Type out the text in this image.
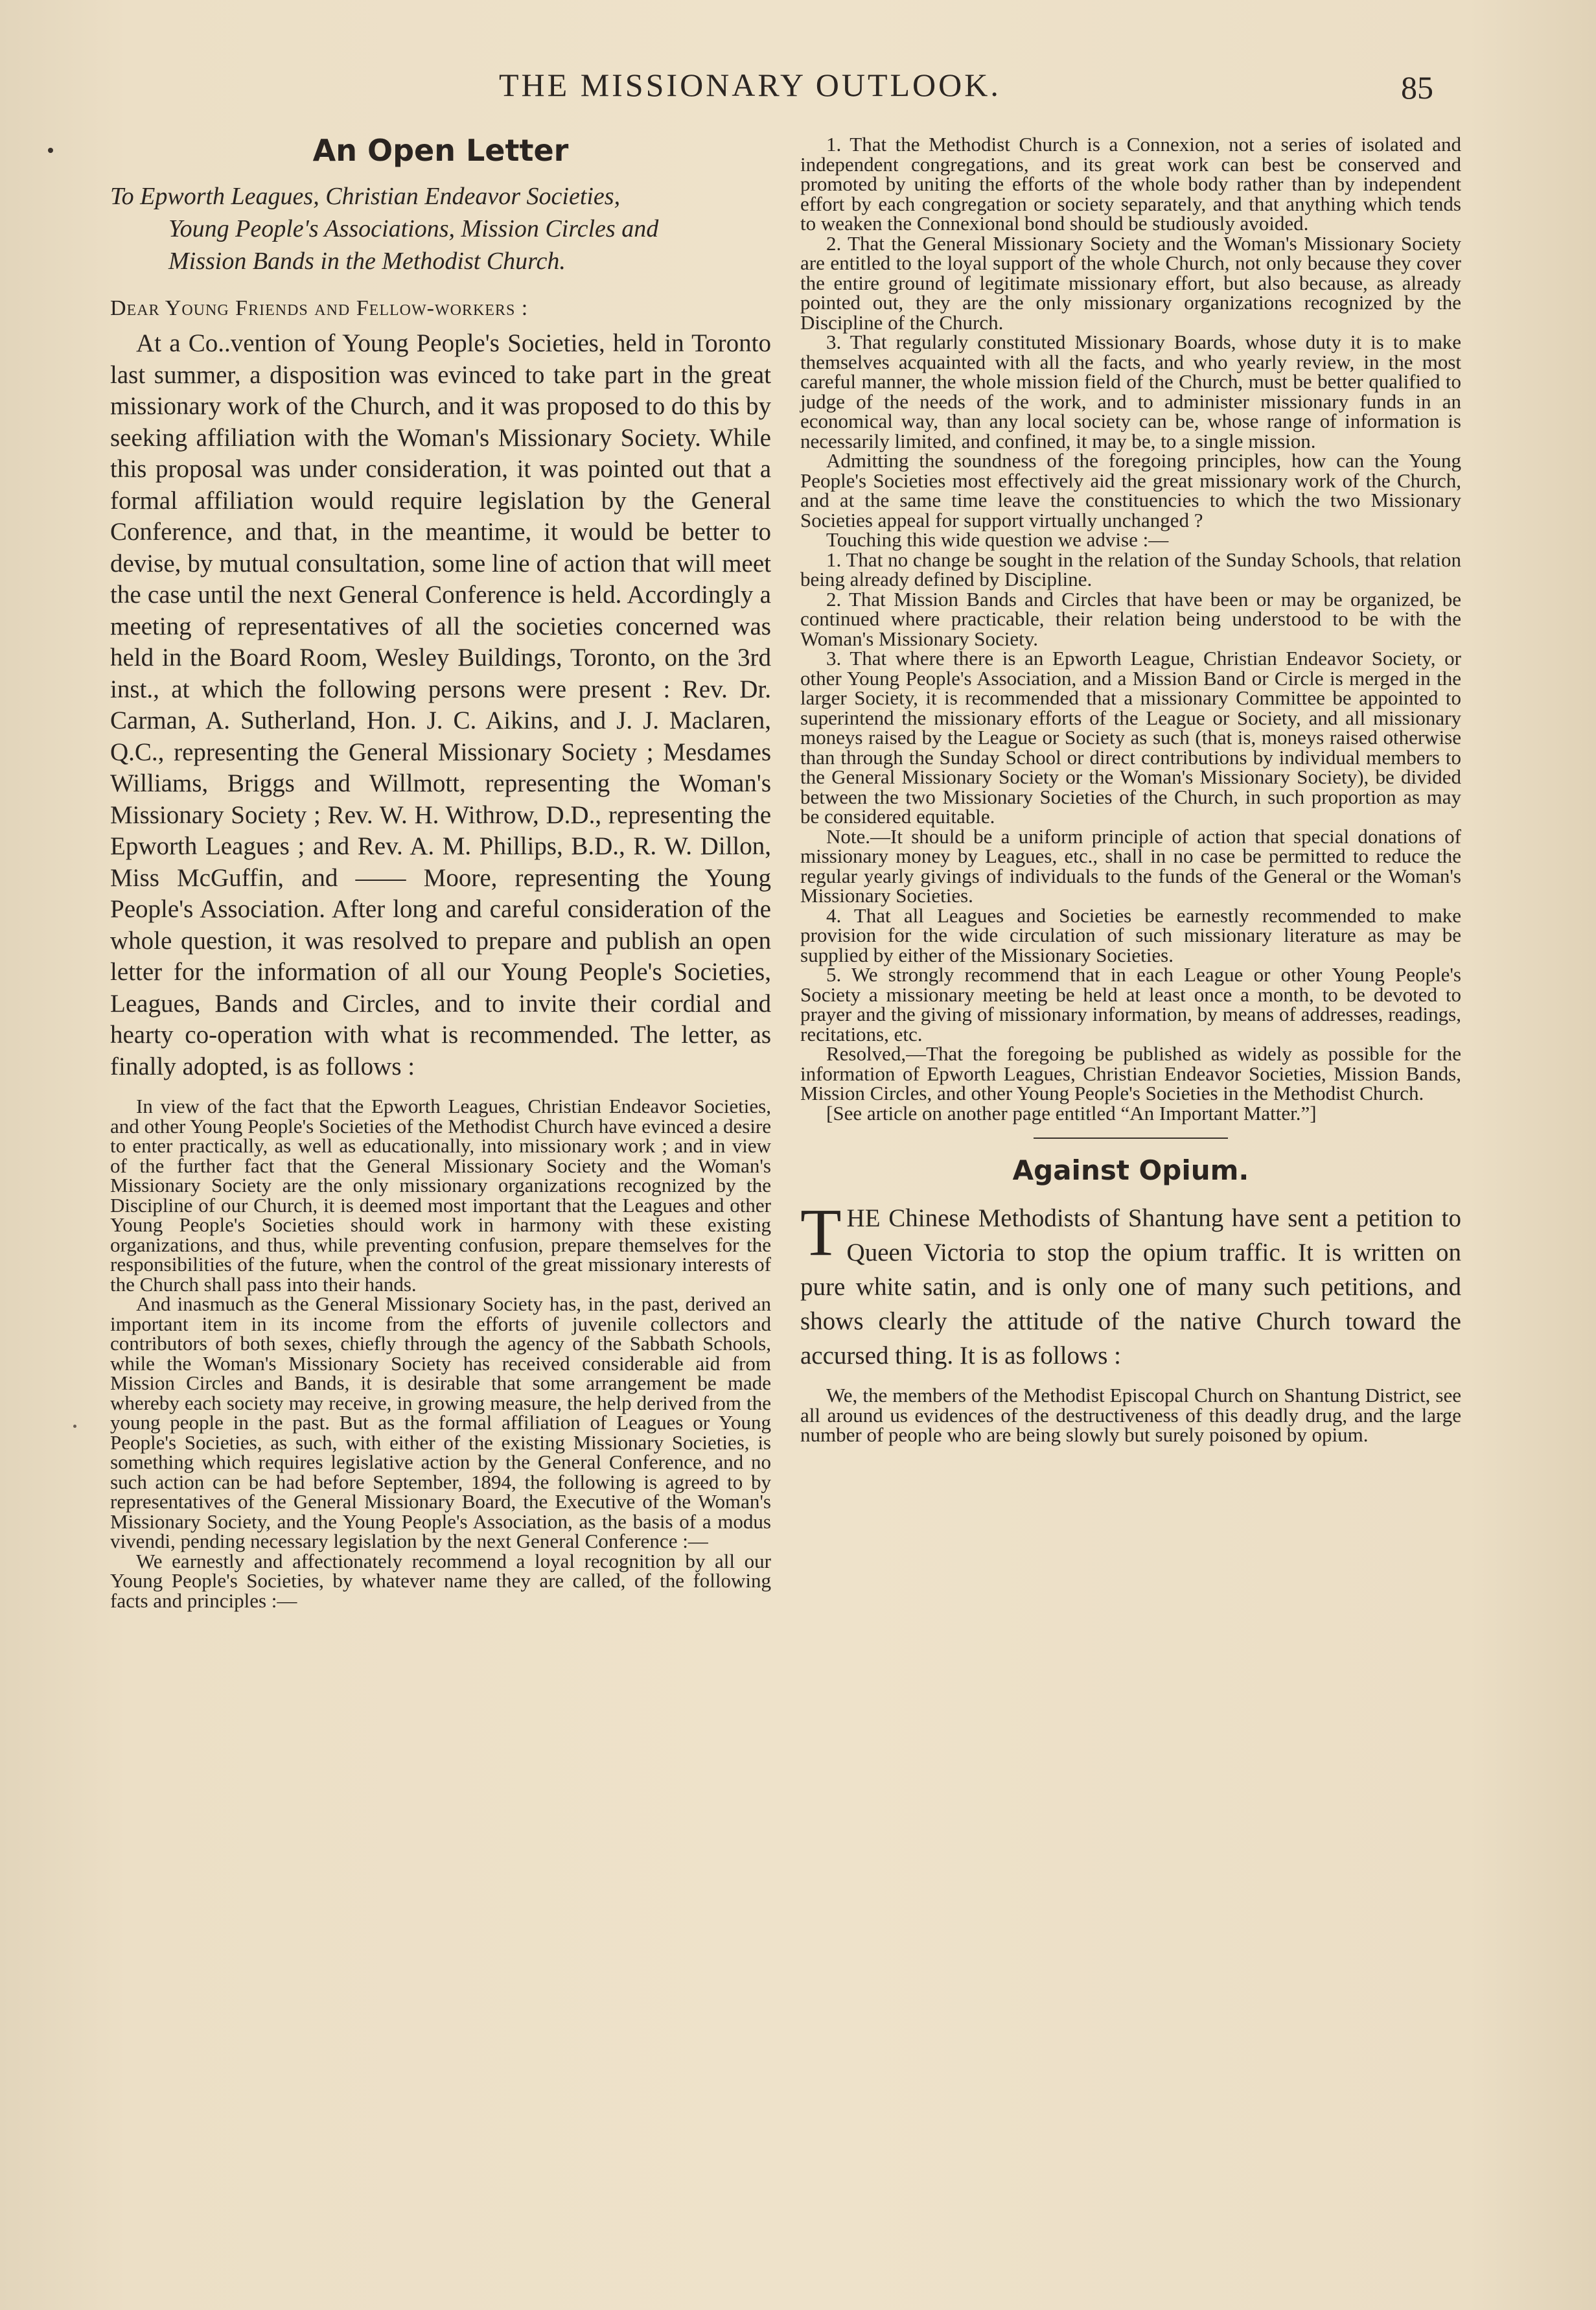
THE MISSIONARY OUTLOOK.	85
An Open Letter
To Epworth Leagues, Christian Endeavor Societies,
Young People's Associations, Mission Circles and
Mission Bands in the Methodist Church.
Dear Young Friends and Fellow-workers :

At a Co..vention of Young People's Societies, held in Toronto last summer, a disposition was evinced to take part in the great missionary work of the Church, and it was proposed to do this by seeking affiliation with the Woman's Missionary Society. While this proposal was under consideration, it was pointed out that a formal affiliation would require legislation by the General Conference, and that, in the meantime, it would be better to devise, by mutual consultation, some line of action that will meet the case until the next General Conference is held. Accordingly a meeting of representatives of all the societies concerned was held in the Board Room, Wesley Buildings, Toronto, on the 3rd inst., at which the following persons were present : Rev. Dr. Carman, A. Sutherland, Hon. J. C. Aikins, and J. J. Maclaren, Q.C., representing the General Missionary Society ; Mesdames Williams, Briggs and Willmott, representing the Woman's Missionary Society ; Rev. W. H. Withrow, D.D., representing the Epworth Leagues ; and Rev. A. M. Phillips, B.D., R. W. Dillon, Miss McGuffin, and —— Moore, representing the Young People's Association. After long and careful consideration of the whole question, it was resolved to prepare and publish an open letter for the information of all our Young People's Societies, Leagues, Bands and Circles, and to invite their cordial and hearty co-operation with what is recommended. The letter, as finally adopted, is as follows :

In view of the fact that the Epworth Leagues, Christian Endeavor Societies, and other Young People's Societies of the Methodist Church have evinced a desire to enter practically, as well as educationally, into missionary work ; and in view of the further fact that the General Missionary Society and the Woman's Missionary Society are the only missionary organizations recognized by the Discipline of our Church, it is deemed most important that the Leagues and other Young People's Societies should work in harmony with these existing organizations, and thus, while preventing confusion, prepare themselves for the responsibilities of the future, when the control of the great missionary interests of the Church shall pass into their hands.

And inasmuch as the General Missionary Society has, in the past, derived an important item in its income from the efforts of juvenile collectors and contributors of both sexes, chiefly through the agency of the Sabbath Schools, while the Woman's Missionary Society has received considerable aid from Mission Circles and Bands, it is desirable that some arrangement be made whereby each society may receive, in growing measure, the help derived from the young people in the past. But as the formal affiliation of Leagues or Young People's Societies, as such, with either of the existing Missionary Societies, is something which requires legislative action by the General Conference, and no such action can be had before September, 1894, the following is agreed to by representatives of the General Missionary Board, the Executive of the Woman's Missionary Society, and the Young People's Association, as the basis of a modus vivendi, pending necessary legislation by the next General Conference :—

We earnestly and affectionately recommend a loyal recognition by all our Young People's Societies, by whatever name they are called, of the following facts and principles :—

1. That the Methodist Church is a Connexion, not a series of isolated and independent congregations, and its great work can best be conserved and promoted by uniting the efforts of the whole body rather than by independent effort by each congregation or society separately, and that anything which tends to weaken the Connexional bond should be studiously avoided.

2. That the General Missionary Society and the Woman's Missionary Society are entitled to the loyal support of the whole Church, not only because they cover the entire ground of legitimate missionary effort, but also because, as already pointed out, they are the only missionary organizations recognized by the Discipline of the Church.

3. That regularly constituted Missionary Boards, whose duty it is to make themselves acquainted with all the facts, and who yearly review, in the most careful manner, the whole mission field of the Church, must be better qualified to judge of the needs of the work, and to administer missionary funds in an economical way, than any local society can be, whose range of information is necessarily limited, and confined, it may be, to a single mission.

Admitting the soundness of the foregoing principles, how can the Young People's Societies most effectively aid the great missionary work of the Church, and at the same time leave the constituencies to which the two Missionary Societies appeal for support virtually unchanged ?

Touching this wide question we advise :—

1. That no change be sought in the relation of the Sunday Schools, that relation being already defined by Discipline.

2. That Mission Bands and Circles that have been or may be organized, be continued where practicable, their relation being understood to be with the Woman's Missionary Society.

3. That where there is an Epworth League, Christian Endeavor Society, or other Young People's Association, and a Mission Band or Circle is merged in the larger Society, it is recommended that a missionary Committee be appointed to superintend the missionary efforts of the League or Society, and all missionary moneys raised by the League or Society as such (that is, moneys raised otherwise than through the Sunday School or direct contributions by individual members to the General Missionary Society or the Woman's Missionary Society), be divided between the two Missionary Societies of the Church, in such proportion as may be considered equitable.

Note.—It should be a uniform principle of action that special donations of missionary money by Leagues, etc., shall in no case be permitted to reduce the regular yearly givings of individuals to the funds of the General or the Woman's Missionary Societies.

4. That all Leagues and Societies be earnestly recommended to make provision for the wide circulation of such missionary literature as may be supplied by either of the Missionary Societies.

5. We strongly recommend that in each League or other Young People's Society a missionary meeting be held at least once a month, to be devoted to prayer and the giving of missionary information, by means of addresses, readings, recitations, etc.

Resolved,—That the foregoing be published as widely as possible for the information of Epworth Leagues, Christian Endeavor Societies, Mission Bands, Mission Circles, and other Young People's Societies in the Methodist Church.

[See article on another page entitled “An Important Matter.”]

Against Opium.

THE Chinese Methodists of Shantung have sent a petition to Queen Victoria to stop the opium traffic. It is written on pure white satin, and is only one of many such petitions, and shows clearly the attitude of the native Church toward the accursed thing. It is as follows :

We, the members of the Methodist Episcopal Church on Shantung District, see all around us evidences of the destructiveness of this deadly drug, and the large number of people who are being slowly but surely poisoned by opium.
